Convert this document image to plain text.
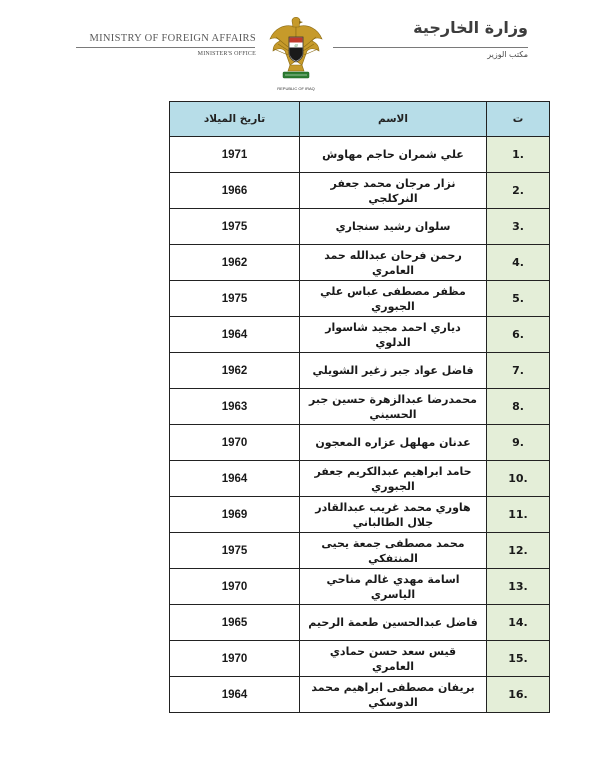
MINISTRY OF FOREIGN AFFAIRS
MINISTER'S OFFICE
الله
REPUBLIC OF IRAQ
وزارة الخارجية
مكتب الوزير
ت	الاسم	تاريخ الميلاد
1.	علي شمران حاجم مهاوش	1971
2.	نزار مرجان محمد جعفر النركلجي	1966
3.	سلوان رشيد سنجاري	1975
4.	رحمن فرحان عبدالله حمد العامري	1962
5.	مظفر مصطفى عباس علي الجبوري	1975
6.	دياري احمد مجيد شاسوار الدلوي	1964
7.	فاضل عواد جبر زغير الشويلي	1962
8.	محمدرضا عبدالزهرة حسين جبر الحسيني	1963
9.	عدنان مهلهل عزاره المعجون	1970
10.	حامد ابراهيم عبدالكريم جعفر الجبوري	1964
11.	هاوري محمد غريب عبدالقادر جلال الطالباني	1969
12.	محمد مصطفى جمعة يحيى المنتفكي	1975
13.	اسامة مهدي غالم مناحي الياسري	1970
14.	فاضل عبدالحسين طعمة الرحيم	1965
15.	قيس سعد حسن حمادي العامري	1970
16.	بريفان مصطفى ابراهيم محمد الدوسكي	1964
